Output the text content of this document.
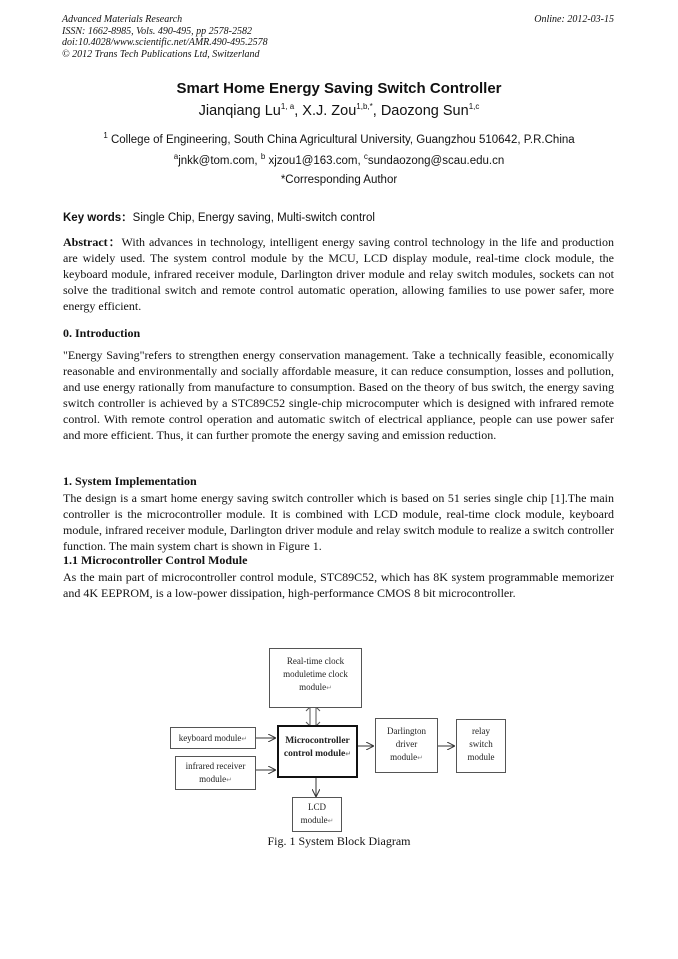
Advanced Materials Research
ISSN: 1662-8985, Vols. 490-495, pp 2578-2582
doi:10.4028/www.scientific.net/AMR.490-495.2578
© 2012 Trans Tech Publications Ltd, Switzerland
Online: 2012-03-15
Smart Home Energy Saving Switch Controller
Jianqiang Lu$^{1, a}$, X.J. Zou$^{1,b,*}$, Daozong Sun$^{1,c}$
$^1$ College of Engineering, South China Agricultural University, Guangzhou 510642, P.R.China
$^a$jnkk@tom.com, $^b$ xjzou1@163.com, $^c$sundaozong@scau.edu.cn
*Corresponding Author
Key words：Single Chip, Energy saving, Multi-switch control
Abstract：With advances in technology, intelligent energy saving control technology in the life and production are widely used. The system control module by the MCU, LCD display module, real-time clock module, the keyboard module, infrared receiver module, Darlington driver module and relay switch modules, sockets can not solve the traditional switch and remote control automatic operation, allowing families to use power safer, more energy efficient.
0. Introduction
"Energy Saving"refers to strengthen energy conservation management. Take a technically feasible, economically reasonable and environmentally and socially affordable measure, it can reduce consumption, losses and pollution, and use energy rationally from manufacture to consumption. Based on the theory of bus switch, the energy saving switch controller is achieved by a STC89C52 single-chip microcomputer which is designed with infrared remote control. With remote control operation and automatic switch of electrical appliance, people can use power safer and more efficient. Thus, it can further promote the energy saving and emission reduction.
1. System Implementation
The design is a smart home energy saving switch controller which is based on 51 series single chip [1].The main controller is the microcontroller module. It is combined with LCD module, real-time clock module, keyboard module, infrared receiver module, Darlington driver module and relay switch module to realize a switch controller function. The main system chart is shown in Figure 1.
1.1 Microcontroller Control Module
As the main part of microcontroller control module, STC89C52, which has 8K system programmable memorizer and 4K EEPROM, is a low-power dissipation, high-performance CMOS 8 bit microcontroller.
Real-time clock
moduletime clock
module↵
keyboard module↵
infrared receiver
module↵
Microcontroller
control module↵
Darlington
driver
module↵
relay
switch
module
LCD
module↵
Fig. 1 System Block Diagram
